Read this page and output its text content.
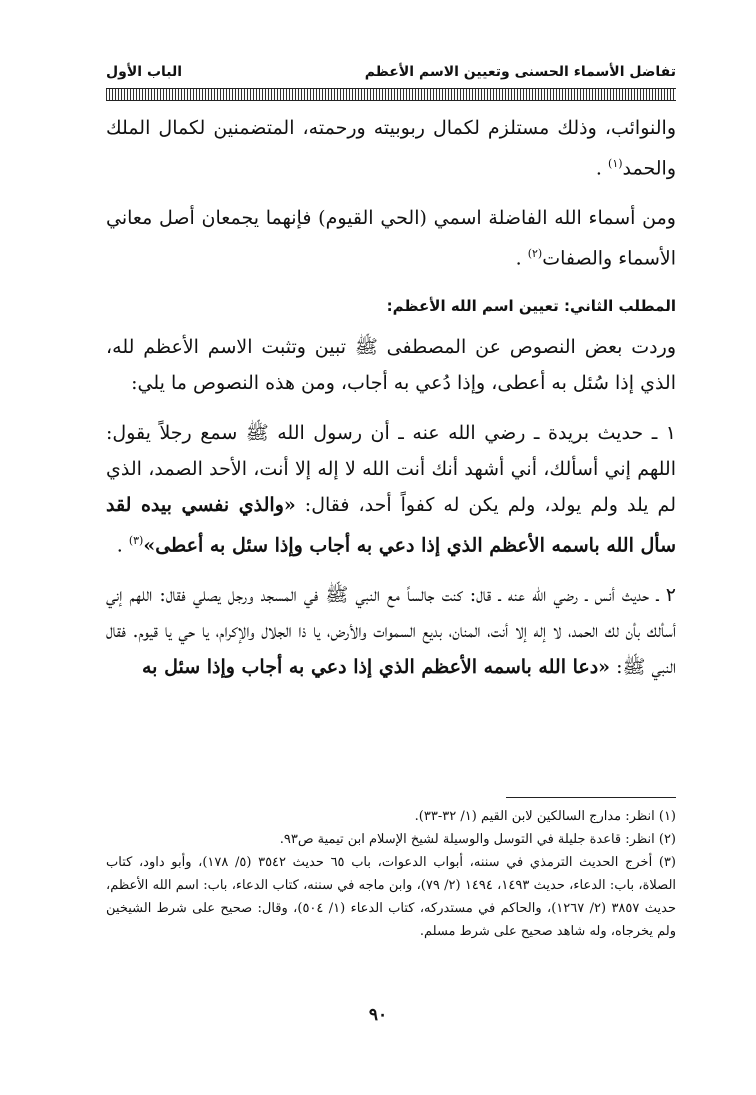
تفاضل الأسماء الحسنى وتعيين الاسم الأعظم
الباب الأول

والنوائب، وذلك مستلزم لكمال ربوبيته ورحمته، المتضمنين لكمال الملك والحمد$^{(١)}$ .

ومن أسماء الله الفاضلة اسمي (الحي القيوم) فإنهما يجمعان أصل معاني الأسماء والصفات$^{(٢)}$ .

المطلب الثاني: تعيين اسم الله الأعظم:

وردت بعض النصوص عن المصطفى ﷺ تبين وتثبت الاسم الأعظم لله، الذي إذا سُئل به أعطى، وإذا دُعي به أجاب، ومن هذه النصوص ما يلي:

١ ـ حديث بريدة ـ رضي الله عنه ـ أن رسول الله ﷺ سمع رجلاً يقول: اللهم إني أسألك، أني أشهد أنك أنت الله لا إله إلا أنت، الأحد الصمد، الذي لم يلد ولم يولد، ولم يكن له كفواً أحد، فقال: «والذي نفسي بيده لقد سأل الله باسمه الأعظم الذي إذا دعي به أجاب وإذا سئل به أعطى»$^{(٣)}$ .

٢ ـ حديث أنس ـ رضي الله عنه ـ قال: كنت جالساً مع النبي ﷺ في المسجد ورجل يصلي فقال: اللهم إني أسألك بأن لك الحمد، لا إله إلا أنت، المنان، بديع السموات والأرض، يا ذا الجلال والإكرام، يا حي يا قيوم. فقال النبي ﷺ: «دعا الله باسمه الأعظم الذي إذا دعي به أجاب وإذا سئل به

(١) انظر: مدارج السالكين لابن القيم (١/ ٣٢-٣٣).

(٢) انظر: قاعدة جليلة في التوسل والوسيلة لشيخ الإسلام ابن تيمية ص٩٣.

(٣) أخرج الحديث الترمذي في سننه، أبواب الدعوات، باب ٦٥ حديث ٣٥٤٢ (٥/ ١٧٨)، وأبو داود، كتاب الصلاة، باب: الدعاء، حديث ١٤٩٣، ١٤٩٤ (٢/ ٧٩)، وابن ماجه في سننه، كتاب الدعاء، باب: اسم الله الأعظم، حديث ٣٨٥٧ (٢/ ١٢٦٧)، والحاكم في مستدركه، كتاب الدعاء (١/ ٥٠٤)، وقال: صحيح على شرط الشيخين ولم يخرجاه، وله شاهد صحيح على شرط مسلم.

٩٠
